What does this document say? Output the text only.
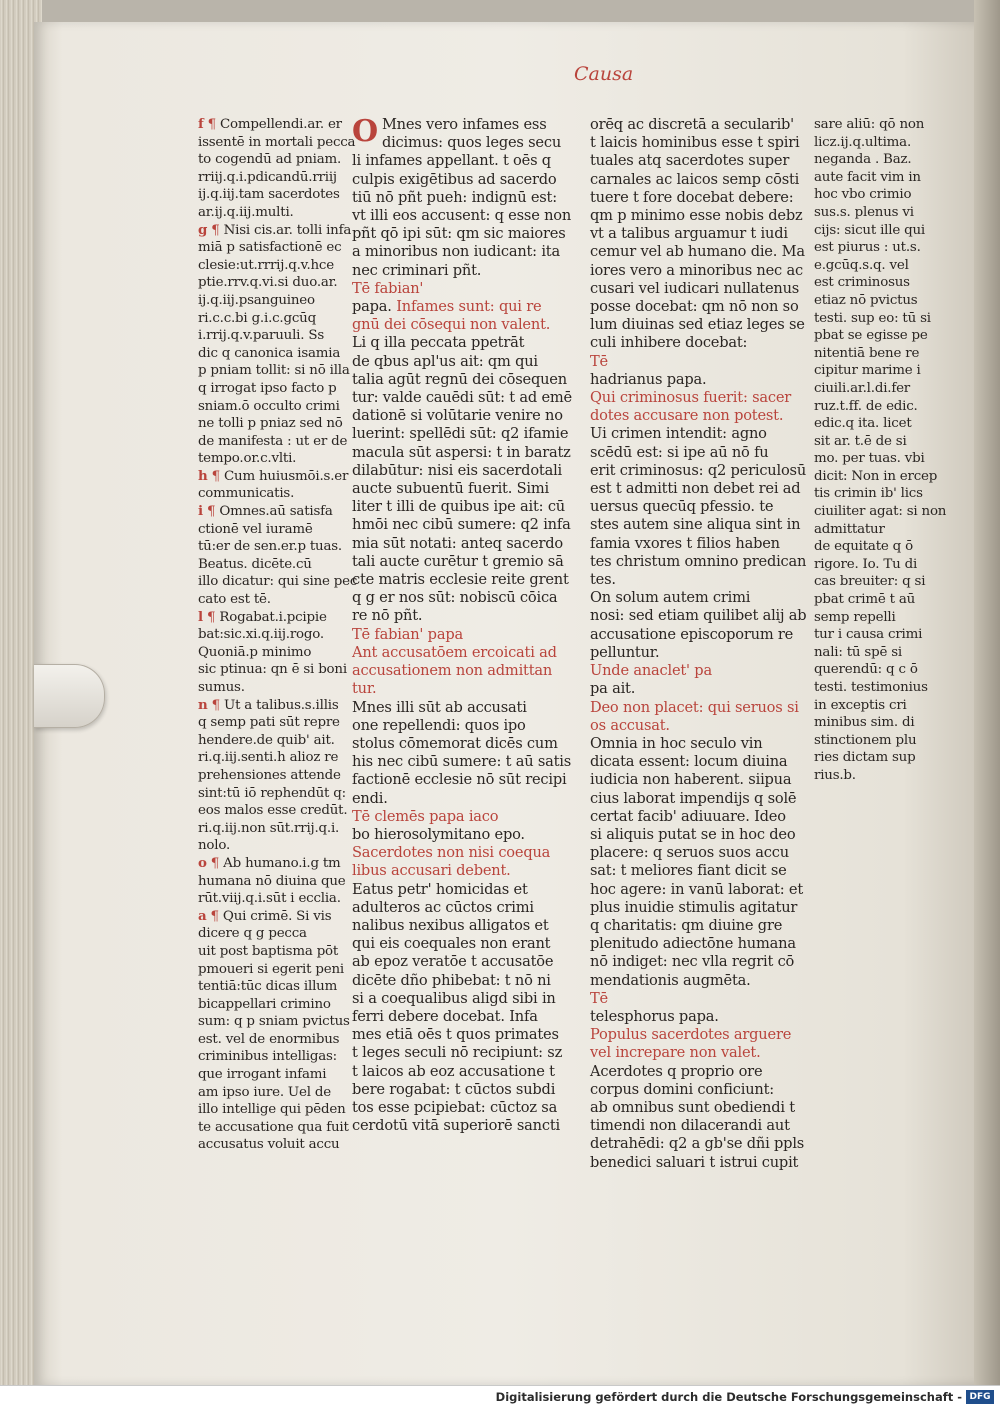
Causa

f ¶ Compellendi.ar. er

issentē in mortali pecca

to cogendū ad pniam.

rriij.q.i.pdicandū.rriij

ij.q.iij.tam sacerdotes

ar.ij.q.iij.multi.

g ¶ Nisi cis.ar. tolli infa

miā p satisfactionē ec

clesie:ut.rrrij.q.v.hce

ptie.rrv.q.vi.si duo.ar.

ij.q.iij.psanguineo

ri.c.c.bi g.i.c.gcūq

i.rrij.q.v.paruuli. Ss

dic q canonica isamia

p pniam tollit: si nō illa

q irrogat ipso facto p

sniam.ō occulto crimi

ne tolli p pniaz sed nō

de manifesta : ut er de

tempo.or.c.vlti.

h ¶ Cum huiusmōi.s.er

communicatis.

i ¶ Omnes.aū satisfa

ctionē vel iuramē

tū:er de sen.er.p tuas.

Beatus. dicēte.cū

illo dicatur: qui sine pec

cato est tē.

l ¶ Rogabat.i.pcipie

bat:sic.xi.q.iij.rogo.

Quoniā.p minimo

sic ptinua: qn ē si boni

sumus.

n ¶ Ut a talibus.s.illis

q semp pati sūt repre

hendere.de quib' ait.

ri.q.iij.senti.h alioz re

prehensiones attende

sint:tū iō rephendūt q:

eos malos esse credūt.

ri.q.iij.non sūt.rrij.q.i.

nolo.

o ¶ Ab humano.i.g tm

humana nō diuina que

rūt.viij.q.i.sūt i ecclia.

a ¶ Qui crimē. Si vis

dicere q g pecca

uit post baptisma pōt

pmoueri si egerit peni

tentiā:tūc dicas illum

bicappellari crimino

sum: q p sniam pvictus

est. vel de enormibus

criminibus intelligas:

que irrogant infami

am ipso iure. Uel de

illo intellige qui pēden

te accusatione qua fuit

accusatus voluit accu

O Mnes vero infames ess

dicimus: quos leges secu

li infames appellant. t oēs q

culpis exigētibus ad sacerdo

tiū nō pñt pueh: indignū est:

vt illi eos accusent: q esse non

pñt qō ipi sūt: qm sic maiores

a minoribus non iudicant: ita

nec criminari pñt.

Tē fabian'

papa. Infames sunt: qui re

gnū dei cōsequi non valent.

Li q illa peccata ppetrāt

de qbus apl'us ait: qm qui

talia agūt regnū dei cōsequen

tur: valde cauēdi sūt: t ad emē

dationē si volūtarie venire no

luerint: spellēdi sūt: q2 ifamie

macula sūt aspersi: t in baratz

dilabūtur: nisi eis sacerdotali

aucte subuentū fuerit. Simi

liter t illi de quibus ipe ait: cū

hmōi nec cibū sumere: q2 infa

mia sūt notati: anteq sacerdo

tali aucte curētur t gremio sā

cte matris ecclesie reite grent

q g er nos sūt: nobiscū cōica

re nō pñt.

Tē fabian' papa

Ant accusatōem ercoicati ad

accusationem non admittan

tur.

Mnes illi sūt ab accusati

one repellendi: quos ipo

stolus cōmemorat dicēs cum

his nec cibū sumere: t aū satis

factionē ecclesie nō sūt recipi

endi.

Tē clemēs papa iaco

bo hierosolymitano epo.

Sacerdotes non nisi coequa

libus accusari debent.

Eatus petr' homicidas et

adulteros ac cūctos crimi

nalibus nexibus alligatos et

qui eis coequales non erant

ab epoz veratōe t accusatōe

dicēte dño phibebat: t nō ni

si a coequalibus aligd sibi in

ferri debere docebat. Infa

mes etiā oēs t quos primates

t leges seculi nō recipiunt: sz

t laicos ab eoz accusatione t

bere rogabat: t cūctos subdi

tos esse pcipiebat: cūctoz sa

cerdotū vitā superiorē sancti

orēq ac discretā a secularib'

t laicis hominibus esse t spiri

tuales atq sacerdotes super

carnales ac laicos semp cōsti

tuere t fore docebat debere:

qm p minimo esse nobis debz

vt a talibus arguamur t iudi

cemur vel ab humano die. Ma

iores vero a minoribus nec ac

cusari vel iudicari nullatenus

posse docebat: qm nō non so

lum diuinas sed etiaz leges se

culi inhibere docebat:

Tē

hadrianus papa.

Qui criminosus fuerit: sacer

dotes accusare non potest.

Ui crimen intendit: agno

scēdū est: si ipe aū nō fu

erit criminosus: q2 periculosū

est t admitti non debet rei ad

uersus quecūq pfessio. te

stes autem sine aliqua sint in

famia vxores t filios haben

tes christum omnino predican

tes.

On solum autem crimi

nosi: sed etiam quilibet alij ab

accusatione episcoporum re

pelluntur.

Unde anaclet' pa

pa ait.

Deo non placet: qui seruos si

os accusat.

Omnia in hoc seculo vin

dicata essent: locum diuina

iudicia non haberent. siipua

cius laborat impendijs q solē

certat facib' adiuuare. Ideo

si aliquis putat se in hoc deo

placere: q seruos suos accu

sat: t meliores fiant dicit se

hoc agere: in vanū laborat: et

plus inuidie stimulis agitatur

q charitatis: qm diuine gre

plenitudo adiectōne humana

nō indiget: nec vlla regrit cō

mendationis augmēta.

Tē

telesphorus papa.

Populus sacerdotes arguere

vel increpare non valet.

Acerdotes q proprio ore

corpus domini conficiunt:

ab omnibus sunt obediendi t

timendi non dilacerandi aut

detrahēdi: q2 a gb'se dñi ppls

benedici saluari t istrui cupit

sare aliū: qō non

licz.ij.q.ultima.

neganda . Baz.

aute facit vim in

hoc vbo crimio

sus.s. plenus vi

cijs: sicut ille qui

est piurus : ut.s.

e.gcūq.s.q. vel

est criminosus

etiaz nō pvictus

testi. sup eo: tū si

pbat se egisse pe

nitentiā bene re

cipitur marime i

ciuili.ar.l.di.fer

ruz.t.ff. de edic.

edic.q ita. licet

sit ar. t.ē de si

mo. per tuas. vbi

dicit: Non in ercep

tis crimin ib' lics

ciuiliter agat: si non

admittatur

de equitate q ō

rigore. Io. Tu di

cas breuiter: q si

pbat crimē t aū

semp repelli

tur i causa crimi

nali: tū spē si

querendū: q c ō

testi. testimonius

in exceptis cri

minibus sim. di

stinctionem plu

ries dictam sup

rius.b.

Digitalisierung gefördert durch die Deutsche Forschungsgemeinschaft - DFG
